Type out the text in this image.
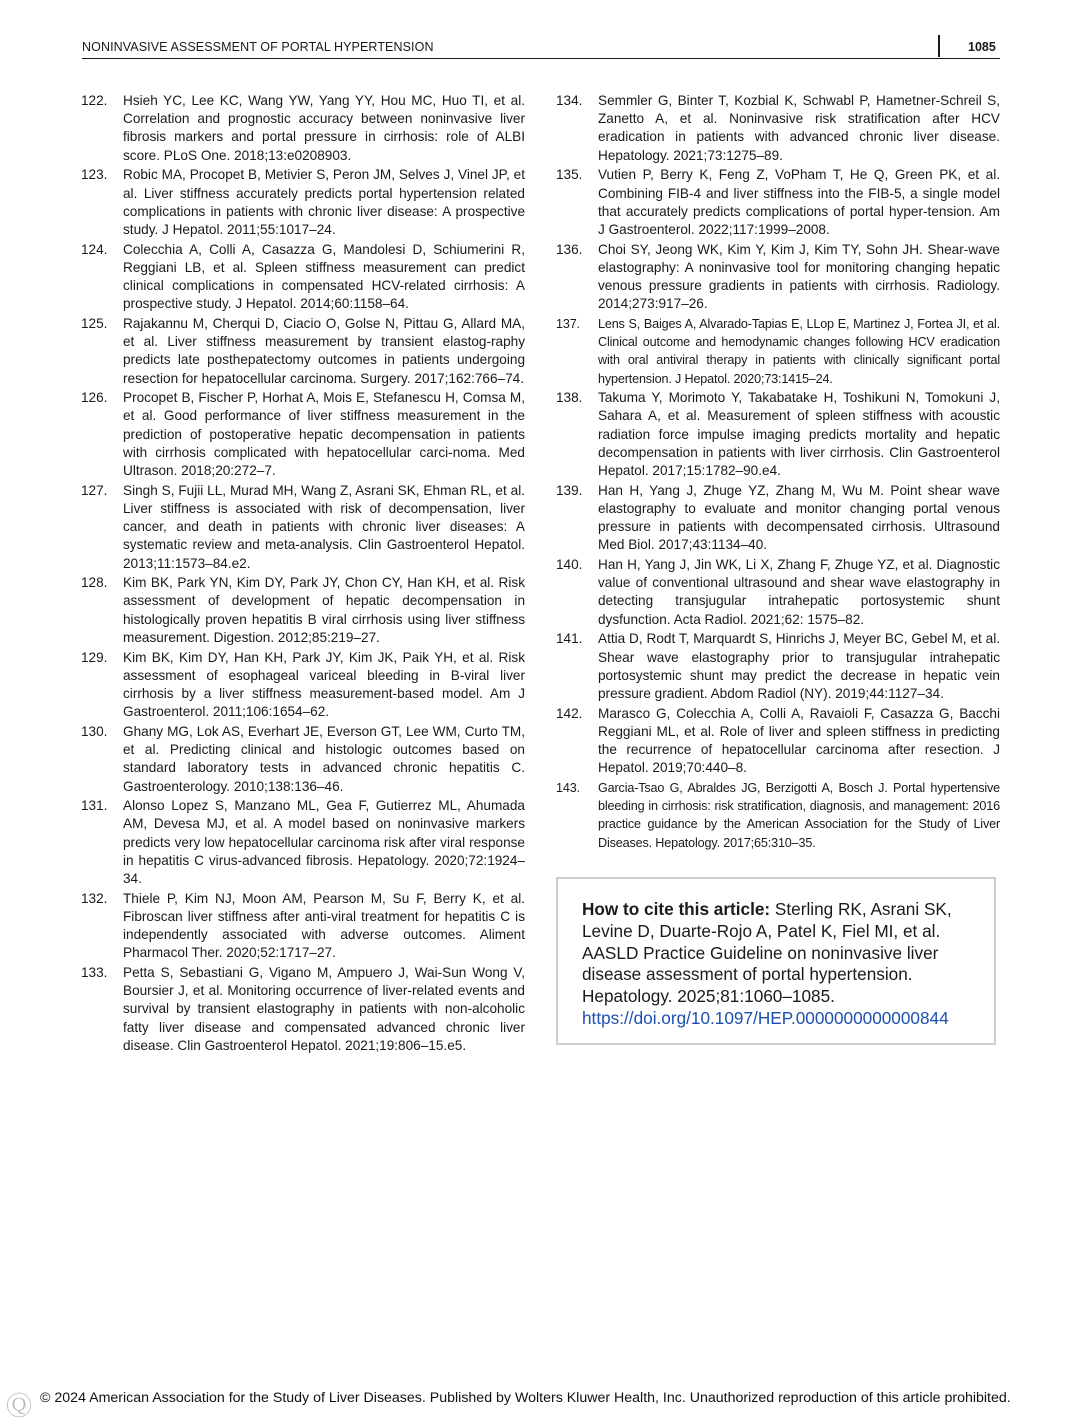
NONINVASIVE ASSESSMENT OF PORTAL HYPERTENSION	1085
122. Hsieh YC, Lee KC, Wang YW, Yang YY, Hou MC, Huo TI, et al. Correlation and prognostic accuracy between noninvasive liver fibrosis markers and portal pressure in cirrhosis: role of ALBI score. PLoS One. 2018;13:e0208903.
123. Robic MA, Procopet B, Metivier S, Peron JM, Selves J, Vinel JP, et al. Liver stiffness accurately predicts portal hypertension related complications in patients with chronic liver disease: A prospective study. J Hepatol. 2011;55:1017–24.
124. Colecchia A, Colli A, Casazza G, Mandolesi D, Schiumerini R, Reggiani LB, et al. Spleen stiffness measurement can predict clinical complications in compensated HCV-related cirrhosis: A prospective study. J Hepatol. 2014;60:1158–64.
125. Rajakannu M, Cherqui D, Ciacio O, Golse N, Pittau G, Allard MA, et al. Liver stiffness measurement by transient elastog-raphy predicts late posthepatectomy outcomes in patients undergoing resection for hepatocellular carcinoma. Surgery. 2017;162:766–74.
126. Procopet B, Fischer P, Horhat A, Mois E, Stefanescu H, Comsa M, et al. Good performance of liver stiffness measurement in the prediction of postoperative hepatic decompensation in patients with cirrhosis complicated with hepatocellular carci-noma. Med Ultrason. 2018;20:272–7.
127. Singh S, Fujii LL, Murad MH, Wang Z, Asrani SK, Ehman RL, et al. Liver stiffness is associated with risk of decompensation, liver cancer, and death in patients with chronic liver diseases: A systematic review and meta-analysis. Clin Gastroenterol Hepatol. 2013;11:1573–84.e2.
128. Kim BK, Park YN, Kim DY, Park JY, Chon CY, Han KH, et al. Risk assessment of development of hepatic decompensation in histologically proven hepatitis B viral cirrhosis using liver stiffness measurement. Digestion. 2012;85:219–27.
129. Kim BK, Kim DY, Han KH, Park JY, Kim JK, Paik YH, et al. Risk assessment of esophageal variceal bleeding in B-viral liver cirrhosis by a liver stiffness measurement-based model. Am J Gastroenterol. 2011;106:1654–62.
130. Ghany MG, Lok AS, Everhart JE, Everson GT, Lee WM, Curto TM, et al. Predicting clinical and histologic outcomes based on standard laboratory tests in advanced chronic hepatitis C. Gastroenterology. 2010;138:136–46.
131. Alonso Lopez S, Manzano ML, Gea F, Gutierrez ML, Ahumada AM, Devesa MJ, et al. A model based on noninvasive markers predicts very low hepatocellular carcinoma risk after viral response in hepatitis C virus-advanced fibrosis. Hepatology. 2020;72:1924–34.
132. Thiele P, Kim NJ, Moon AM, Pearson M, Su F, Berry K, et al. Fibroscan liver stiffness after anti-viral treatment for hepatitis C is independently associated with adverse outcomes. Aliment Pharmacol Ther. 2020;52:1717–27.
133. Petta S, Sebastiani G, Vigano M, Ampuero J, Wai-Sun Wong V, Boursier J, et al. Monitoring occurrence of liver-related events and survival by transient elastography in patients with non-alcoholic fatty liver disease and compensated advanced chronic liver disease. Clin Gastroenterol Hepatol. 2021;19:806–15.e5.
134. Semmler G, Binter T, Kozbial K, Schwabl P, Hametner-Schreil S, Zanetto A, et al. Noninvasive risk stratification after HCV eradication in patients with advanced chronic liver disease. Hepatology. 2021;73:1275–89.
135. Vutien P, Berry K, Feng Z, VoPham T, He Q, Green PK, et al. Combining FIB-4 and liver stiffness into the FIB-5, a single model that accurately predicts complications of portal hyper-tension. Am J Gastroenterol. 2022;117:1999–2008.
136. Choi SY, Jeong WK, Kim Y, Kim J, Kim TY, Sohn JH. Shear-wave elastography: A noninvasive tool for monitoring changing hepatic venous pressure gradients in patients with cirrhosis. Radiology. 2014;273:917–26.
137. Lens S, Baiges A, Alvarado-Tapias E, LLop E, Martinez J, Fortea JI, et al. Clinical outcome and hemodynamic changes following HCV eradication with oral antiviral therapy in patients with clinically significant portal hypertension. J Hepatol. 2020;73:1415–24.
138. Takuma Y, Morimoto Y, Takabatake H, Toshikuni N, Tomokuni J, Sahara A, et al. Measurement of spleen stiffness with acoustic radiation force impulse imaging predicts mortality and hepatic decompensation in patients with liver cirrhosis. Clin Gastroenterol Hepatol. 2017;15:1782–90.e4.
139. Han H, Yang J, Zhuge YZ, Zhang M, Wu M. Point shear wave elastography to evaluate and monitor changing portal venous pressure in patients with decompensated cirrhosis. Ultrasound Med Biol. 2017;43:1134–40.
140. Han H, Yang J, Jin WK, Li X, Zhang F, Zhuge YZ, et al. Diagnostic value of conventional ultrasound and shear wave elastography in detecting transjugular intrahepatic portosystemic shunt dysfunction. Acta Radiol. 2021;62: 1575–82.
141. Attia D, Rodt T, Marquardt S, Hinrichs J, Meyer BC, Gebel M, et al. Shear wave elastography prior to transjugular intrahepatic portosystemic shunt may predict the decrease in hepatic vein pressure gradient. Abdom Radiol (NY). 2019;44:1127–34.
142. Marasco G, Colecchia A, Colli A, Ravaioli F, Casazza G, Bacchi Reggiani ML, et al. Role of liver and spleen stiffness in predicting the recurrence of hepatocellular carcinoma after resection. J Hepatol. 2019;70:440–8.
143. Garcia-Tsao G, Abraldes JG, Berzigotti A, Bosch J. Portal hypertensive bleeding in cirrhosis: risk stratification, diagnosis, and management: 2016 practice guidance by the American Association for the Study of Liver Diseases. Hepatology. 2017;65:310–35.
How to cite this article: Sterling RK, Asrani SK, Levine D, Duarte-Rojo A, Patel K, Fiel MI, et al. AASLD Practice Guideline on noninvasive liver disease assessment of portal hypertension. Hepatology. 2025;81:1060–1085. https://doi.org/10.1097/HEP.0000000000000844
Ⓠ © 2024 American Association for the Study of Liver Diseases. Published by Wolters Kluwer Health, Inc. Unauthorized reproduction of this article prohibited.
